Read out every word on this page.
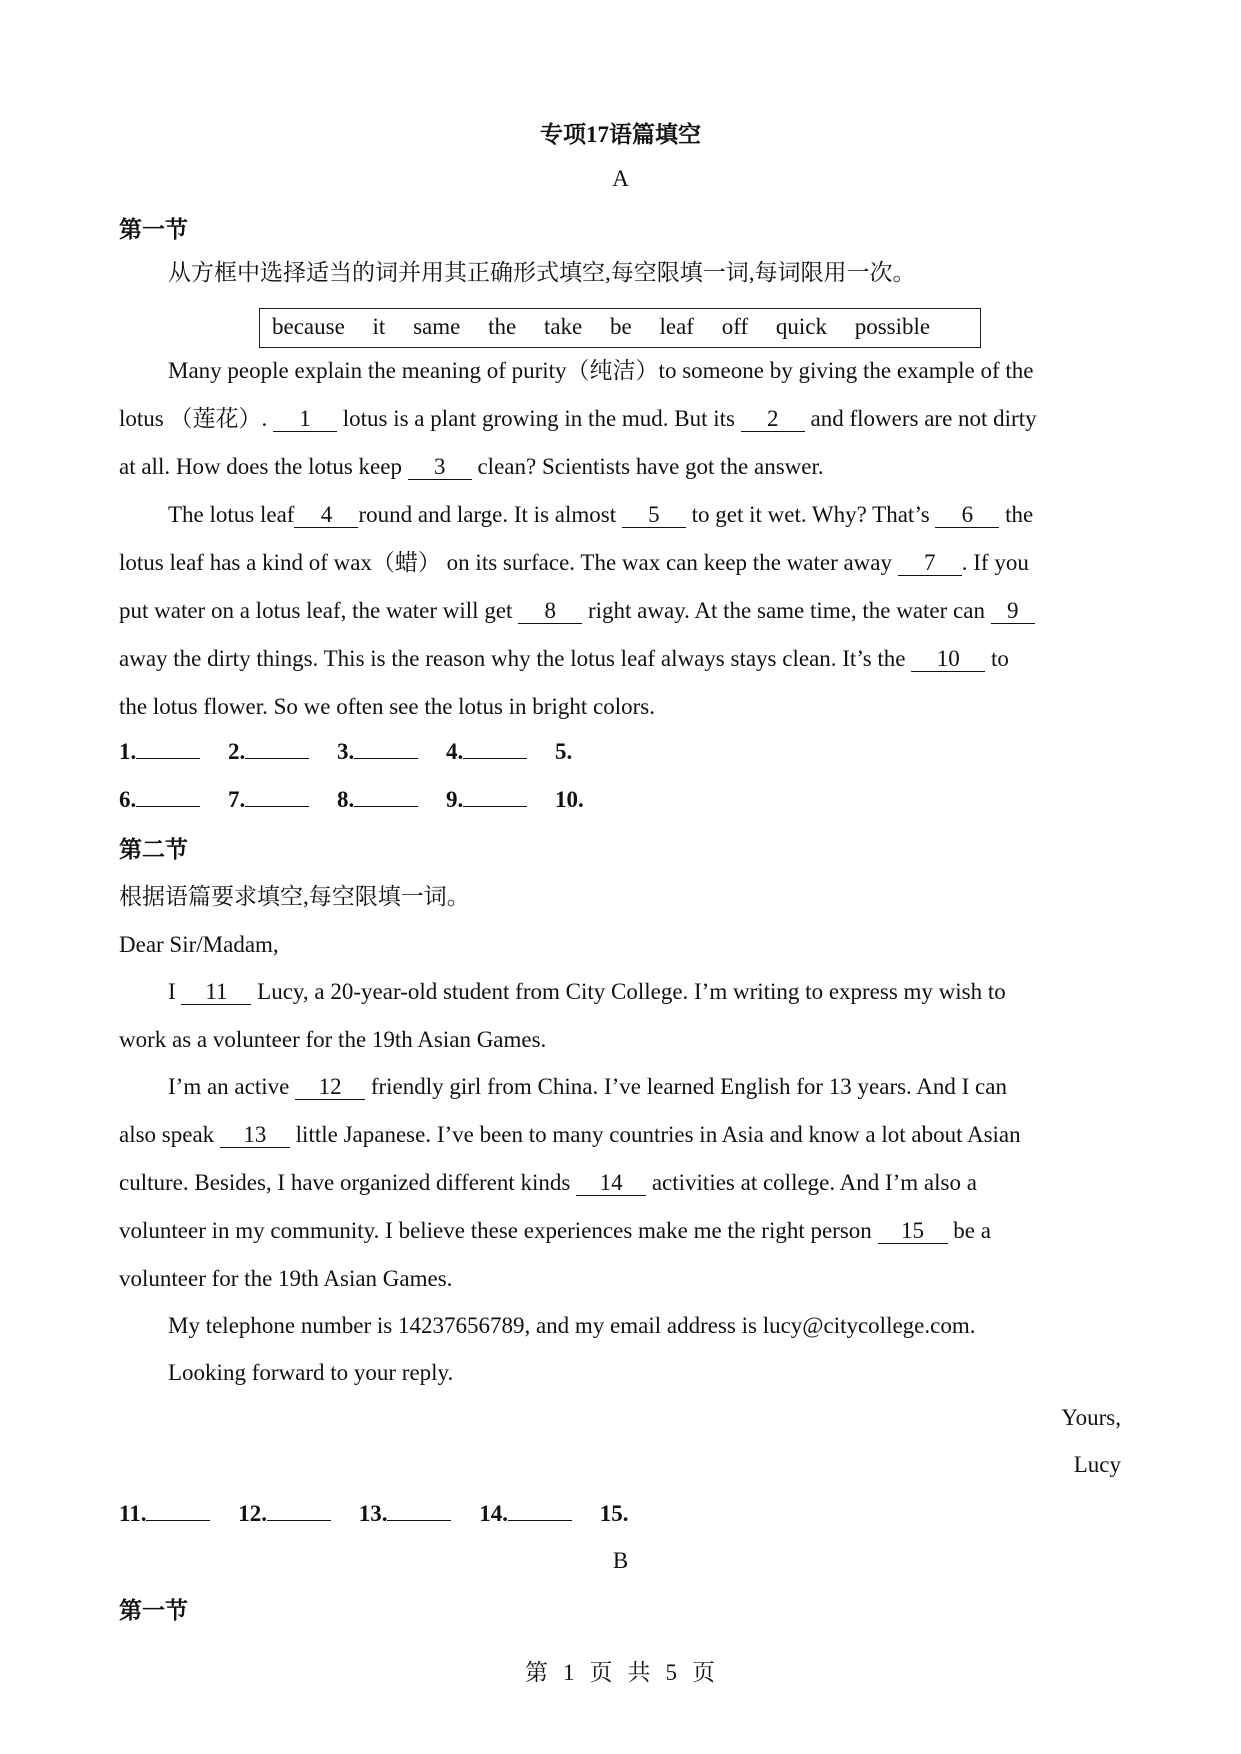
专项17语篇填空
A
第一节
从方框中选择适当的词并用其正确形式填空,每空限填一词,每词限用一次。
because it same the take be leaf off quick possible
Many people explain the meaning of purity（纯洁）to someone by giving the example of the
lotus （莲花）. 1 lotus is a plant growing in the mud. But its 2 and flowers are not dirty
at all. How does the lotus keep 3 clean? Scientists have got the answer.
The lotus leaf 4 round and large. It is almost 5 to get it wet. Why? That’s 6 the
lotus leaf has a kind of wax（蜡） on its surface. The wax can keep the water away 7 . If you
put water on a lotus leaf, the water will get 8 right away. At the same time, the water can 9
away the dirty things. This is the reason why the lotus leaf always stays clean. It’s the 10 to
the lotus flower. So we often see the lotus in bright colors.
1.	2.	3.	4.	5.
6.	7.	8.	9.	10.
第二节
根据语篇要求填空,每空限填一词。
Dear Sir/Madam,
I 11 Lucy, a 20-year-old student from City College. I’m writing to express my wish to
work as a volunteer for the 19th Asian Games.
I’m an active 12 friendly girl from China. I’ve learned English for 13 years. And I can
also speak 13 little Japanese. I’ve been to many countries in Asia and know a lot about Asian
culture. Besides, I have organized different kinds 14 activities at college. And I’m also a
volunteer in my community. I believe these experiences make me the right person 15 be a
volunteer for the 19th Asian Games.
My telephone number is 14237656789, and my email address is lucy@citycollege.com.
Looking forward to your reply.
Yours,
Lucy
11.	12.	13.	14.	15.
B
第一节
第 1 页 共 5 页
